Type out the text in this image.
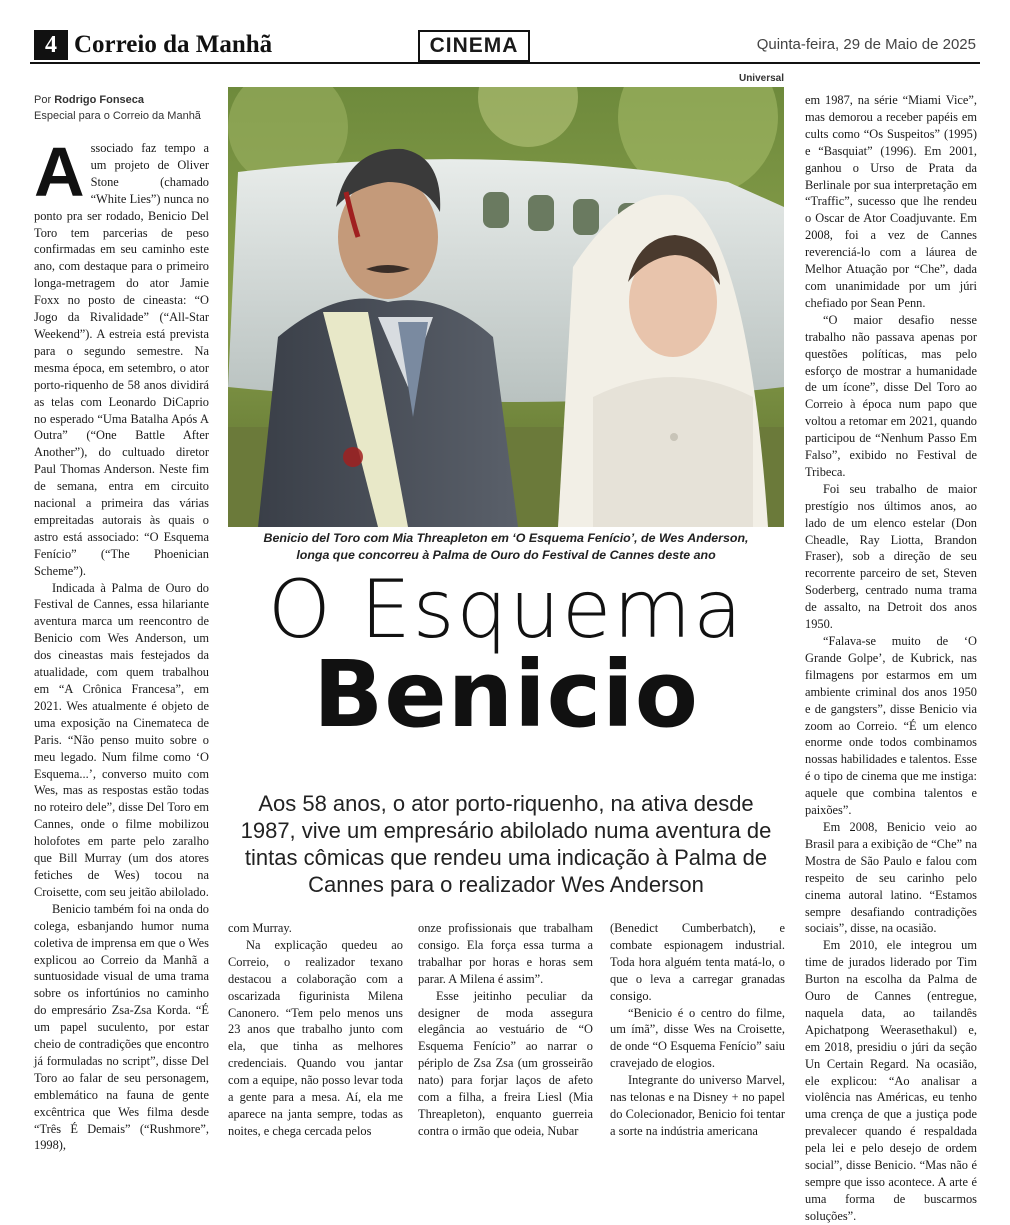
4 Correio da Manhã	CINEMA	Quinta-feira, 29 de Maio de 2025
Por Rodrigo Fonseca
Especial para o Correio da Manhã

Associado faz tempo a um projeto de Oliver Stone (chamado “White Lies”) nunca no ponto pra ser rodado, Benicio Del Toro tem parcerias de peso confirmadas em seu caminho este ano, com destaque para o primeiro longa-metragem do ator Jamie Foxx no posto de cineasta: “O Jogo da Rivalidade” (“All-Star Weekend”). A estreia está prevista para o segundo semestre. Na mesma época, em setembro, o ator porto-riquenho de 58 anos dividirá as telas com Leonardo DiCaprio no esperado “Uma Batalha Após A Outra” (“One Battle After Another”), do cultuado diretor Paul Thomas Anderson. Neste fim de semana, entra em circuito nacional a primeira das várias empreitadas autorais às quais o astro está associado: “O Esquema Fenício” (“The Phoenician Scheme”).

Indicada à Palma de Ouro do Festival de Cannes, essa hilariante aventura marca um reencontro de Benicio com Wes Anderson, um dos cineastas mais festejados da atualidade, com quem trabalhou em “A Crônica Francesa”, em 2021. Wes atualmente é objeto de uma exposição na Cinemateca de Paris. “Não penso muito sobre o meu legado. Num filme como ‘O Esquema...’, converso muito com Wes, mas as respostas estão todas no roteiro dele”, disse Del Toro em Cannes, onde o filme mobilizou holofotes em parte pelo zaralho que Bill Murray (um dos atores fetiches de Wes) tocou na Croisette, com seu jeitão abilolado.

Benicio também foi na onda do colega, esbanjando humor numa coletiva de imprensa em que o Wes explicou ao Correio da Manhã a suntuosidade visual de uma trama sobre os infortúnios no caminho do empresário Zsa-Zsa Korda. “É um papel suculento, por estar cheio de contradições que encontro já formuladas no script”, disse Del Toro ao falar de seu personagem, emblemático na fauna de gente excêntrica que Wes filma desde “Três É Demais” (“Rushmore”, 1998),

Universal
Benicio del Toro com Mia Threapleton em ‘O Esquema Fenício’, de Wes Anderson,
longa que concorreu à Palma de Ouro do Festival de Cannes deste ano
O Esquema
Benicio
Aos 58 anos, o ator porto-riquenho, na ativa desde 1987, vive um empresário abilolado numa aventura de tintas cômicas que rendeu uma indicação à Palma de Cannes para o realizador Wes Anderson

com Murray.

Na explicação quedeu ao Correio, o realizador texano destacou a colaboração com a oscarizada figurinista Milena Canonero. “Tem pelo menos uns 23 anos que trabalho junto com ela, que tinha as melhores credenciais. Quando vou jantar com a equipe, não posso levar toda a gente para a mesa. Aí, ela me aparece na janta sempre, todas as noites, e chega cercada pelos

onze profissionais que trabalham consigo. Ela força essa turma a trabalhar por horas e horas sem parar. A Milena é assim”.

Esse jeitinho peculiar da designer de moda assegura elegância ao vestuário de “O Esquema Fenício” ao narrar o périplo de Zsa Zsa (um grosseirão nato) para forjar laços de afeto com a filha, a freira Liesl (Mia Threapleton), enquanto guerreia contra o irmão que odeia, Nubar

(Benedict Cumberbatch), e combate espionagem industrial. Toda hora alguém tenta matá-lo, o que o leva a carregar granadas consigo.

“Benicio é o centro do filme, um ímã”, disse Wes na Croisette, de onde “O Esquema Fenício” saiu cravejado de elogios.

Integrante do universo Marvel, nas telonas e na Disney + no papel do Colecionador, Benicio foi tentar a sorte na indústria americana

em 1987, na série “Miami Vice”, mas demorou a receber papéis em cults como “Os Suspeitos” (1995) e “Basquiat” (1996). Em 2001, ganhou o Urso de Prata da Berlinale por sua interpretação em “Traffic”, sucesso que lhe rendeu o Oscar de Ator Coadjuvante. Em 2008, foi a vez de Cannes reverenciá-lo com a láurea de Melhor Atuação por “Che”, dada com unanimidade por um júri chefiado por Sean Penn.

“O maior desafio nesse trabalho não passava apenas por questões políticas, mas pelo esforço de mostrar a humanidade de um ícone”, disse Del Toro ao Correio à época num papo que voltou a retomar em 2021, quando participou de “Nenhum Passo Em Falso”, exibido no Festival de Tribeca.

Foi seu trabalho de maior prestígio nos últimos anos, ao lado de um elenco estelar (Don Cheadle, Ray Liotta, Brandon Fraser), sob a direção de seu recorrente parceiro de set, Steven Soderberg, centrado numa trama de assalto, na Detroit dos anos 1950.

“Falava-se muito de ‘O Grande Golpe’, de Kubrick, nas filmagens por estarmos em um ambiente criminal dos anos 1950 e de gangsters”, disse Benicio via zoom ao Correio. “É um elenco enorme onde todos combinamos nossas habilidades e talentos. Esse é o tipo de cinema que me instiga: aquele que combina talentos e paixões”.

Em 2008, Benicio veio ao Brasil para a exibição de “Che” na Mostra de São Paulo e falou com respeito de seu carinho pelo cinema autoral latino. “Estamos sempre desafiando contradições sociais”, disse, na ocasião.

Em 2010, ele integrou um time de jurados liderado por Tim Burton na escolha da Palma de Ouro de Cannes (entregue, naquela data, ao tailandês Apichatpong Weerasethakul) e, em 2018, presidiu o júri da seção Un Certain Regard. Na ocasião, ele explicou: “Ao analisar a violência nas Américas, eu tenho uma crença de que a justiça pode prevalecer quando é respaldada pela lei e pelo desejo de ordem social”, disse Benicio. “Mas não é sempre que isso acontece. A arte é uma forma de buscarmos soluções”.
